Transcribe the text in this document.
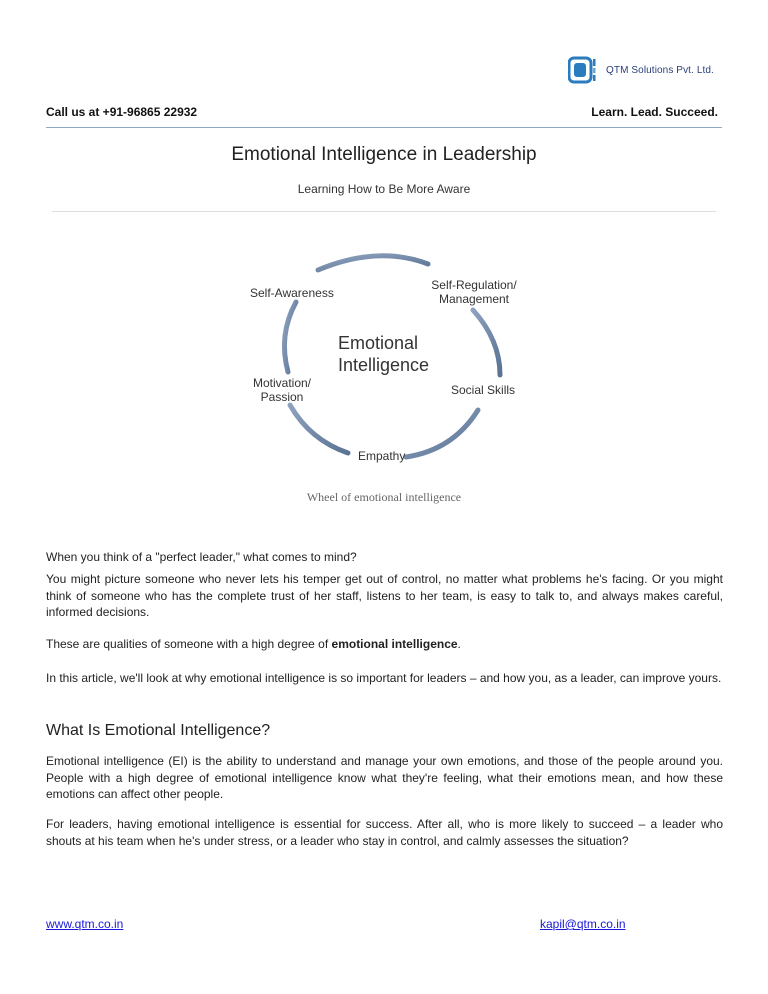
QTM Solutions Pvt. Ltd.
Call us at +91-96865 22932	Learn. Lead. Succeed.
Emotional Intelligence in Leadership
Learning How to Be More Aware
Self-Awareness
Self-Regulation/
Management
Emotional
Intelligence
Social Skills
Motivation/
Passion
Empathy
Wheel of emotional intelligence

When you think of a "perfect leader," what comes to mind?

You might picture someone who never lets his temper get out of control, no matter what problems he's facing. Or you might think of someone who has the complete trust of her staff, listens to her team, is easy to talk to, and always makes careful, informed decisions.

These are qualities of someone with a high degree of emotional intelligence.

In this article, we'll look at why emotional intelligence is so important for leaders – and how you, as a leader, can improve yours.

What Is Emotional Intelligence?

Emotional intelligence (EI) is the ability to understand and manage your own emotions, and those of the people around you. People with a high degree of emotional intelligence know what they're feeling, what their emotions mean, and how these emotions can affect other people.

For leaders, having emotional intelligence is essential for success. After all, who is more likely to succeed – a leader who shouts at his team when he's under stress, or a leader who stay in control, and calmly assesses the situation?

www.qtm.co.in	kapil@qtm.co.in
